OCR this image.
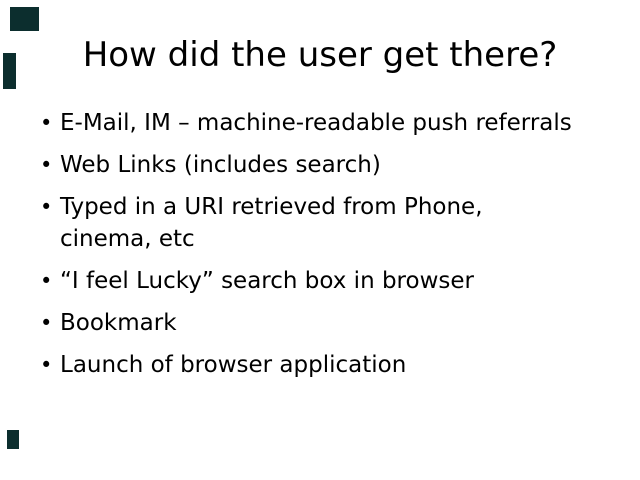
How did the user get there?
• E-Mail, IM – machine-readable push referrals
• Web Links (includes search)
• Typed in a URI retrieved from Phone, cinema, etc
• “I feel Lucky” search box in browser
• Bookmark
• Launch of browser application
